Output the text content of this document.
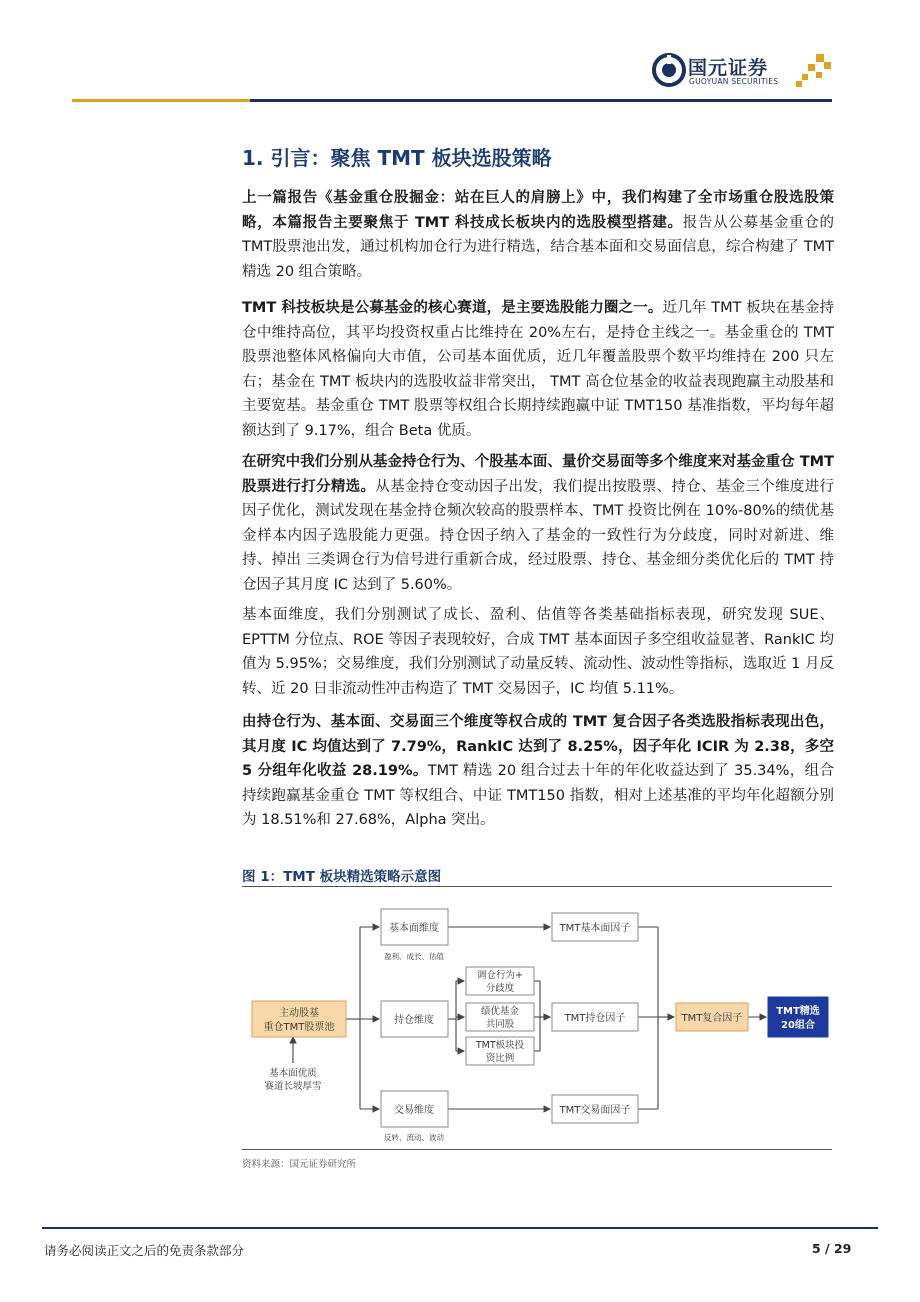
国元证券
GUOYUAN SECURITIES

1. 引言：聚焦 TMT 板块选股策略

上一篇报告《基金重仓股掘金：站在巨人的肩膀上》中，我们构建了全市场重仓股选股策略，本篇报告主要聚焦于 TMT 科技成长板块内的选股模型搭建。报告从公募基金重仓的TMT股票池出发，通过机构加仓行为进行精选，结合基本面和交易面信息，综合构建了 TMT 精选 20 组合策略。

TMT 科技板块是公募基金的核心赛道，是主要选股能力圈之一。近几年 TMT 板块在基金持仓中维持高位，其平均投资权重占比维持在 20%左右，是持仓主线之一。基金重仓的 TMT 股票池整体风格偏向大市值，公司基本面优质，近几年覆盖股票个数平均维持在 200 只左右；基金在 TMT 板块内的选股收益非常突出， TMT 高仓位基金的收益表现跑赢主动股基和主要宽基。基金重仓 TMT 股票等权组合长期持续跑赢中证 TMT150 基准指数，平均每年超额达到了 9.17%，组合 Beta 优质。

在研究中我们分别从基金持仓行为、个股基本面、量价交易面等多个维度来对基金重仓 TMT 股票进行打分精选。从基金持仓变动因子出发，我们提出按股票、持仓、基金三个维度进行因子优化，测试发现在基金持仓频次较高的股票样本、TMT 投资比例在 10%-80%的绩优基金样本内因子选股能力更强。持仓因子纳入了基金的一致性行为分歧度，同时对新进、维持、掉出 三类调仓行为信号进行重新合成，经过股票、持仓、基金细分类优化后的 TMT 持仓因子其月度 IC 达到了 5.60%。

基本面维度，我们分别测试了成长、盈利、估值等各类基础指标表现，研究发现 SUE、EPTTM 分位点、ROE 等因子表现较好，合成 TMT 基本面因子多空组收益显著、RankIC 均值为 5.95%；交易维度，我们分别测试了动量反转、流动性、波动性等指标，选取近 1 月反转、近 20 日非流动性冲击构造了 TMT 交易因子，IC 均值 5.11%。

由持仓行为、基本面、交易面三个维度等权合成的 TMT 复合因子各类选股指标表现出色，其月度 IC 均值达到了 7.79%，RankIC 达到了 8.25%，因子年化 ICIR 为 2.38，多空 5 分组年化收益 28.19%。TMT 精选 20 组合过去十年的年化收益达到了 35.34%，组合持续跑赢基金重仓 TMT 等权组合、中证 TMT150 指数，相对上述基准的平均年化超额分别为 18.51%和 27.68%，Alpha 突出。

图 1：TMT 板块精选策略示意图
主动股基
重仓TMT股票池
基本面优质
赛道长坡厚雪
基本面维度
盈利、成长、估值
持仓维度
交易维度
反转、流动、波动
调仓行为+
分歧度
绩优基金
共同股
TMT板块投
资比例
TMT基本面因子
TMT持仓因子
TMT交易面因子
TMT复合因子
TMT精选
20组合
资料来源：国元证券研究所
请务必阅读正文之后的免责条款部分	5 / 29
